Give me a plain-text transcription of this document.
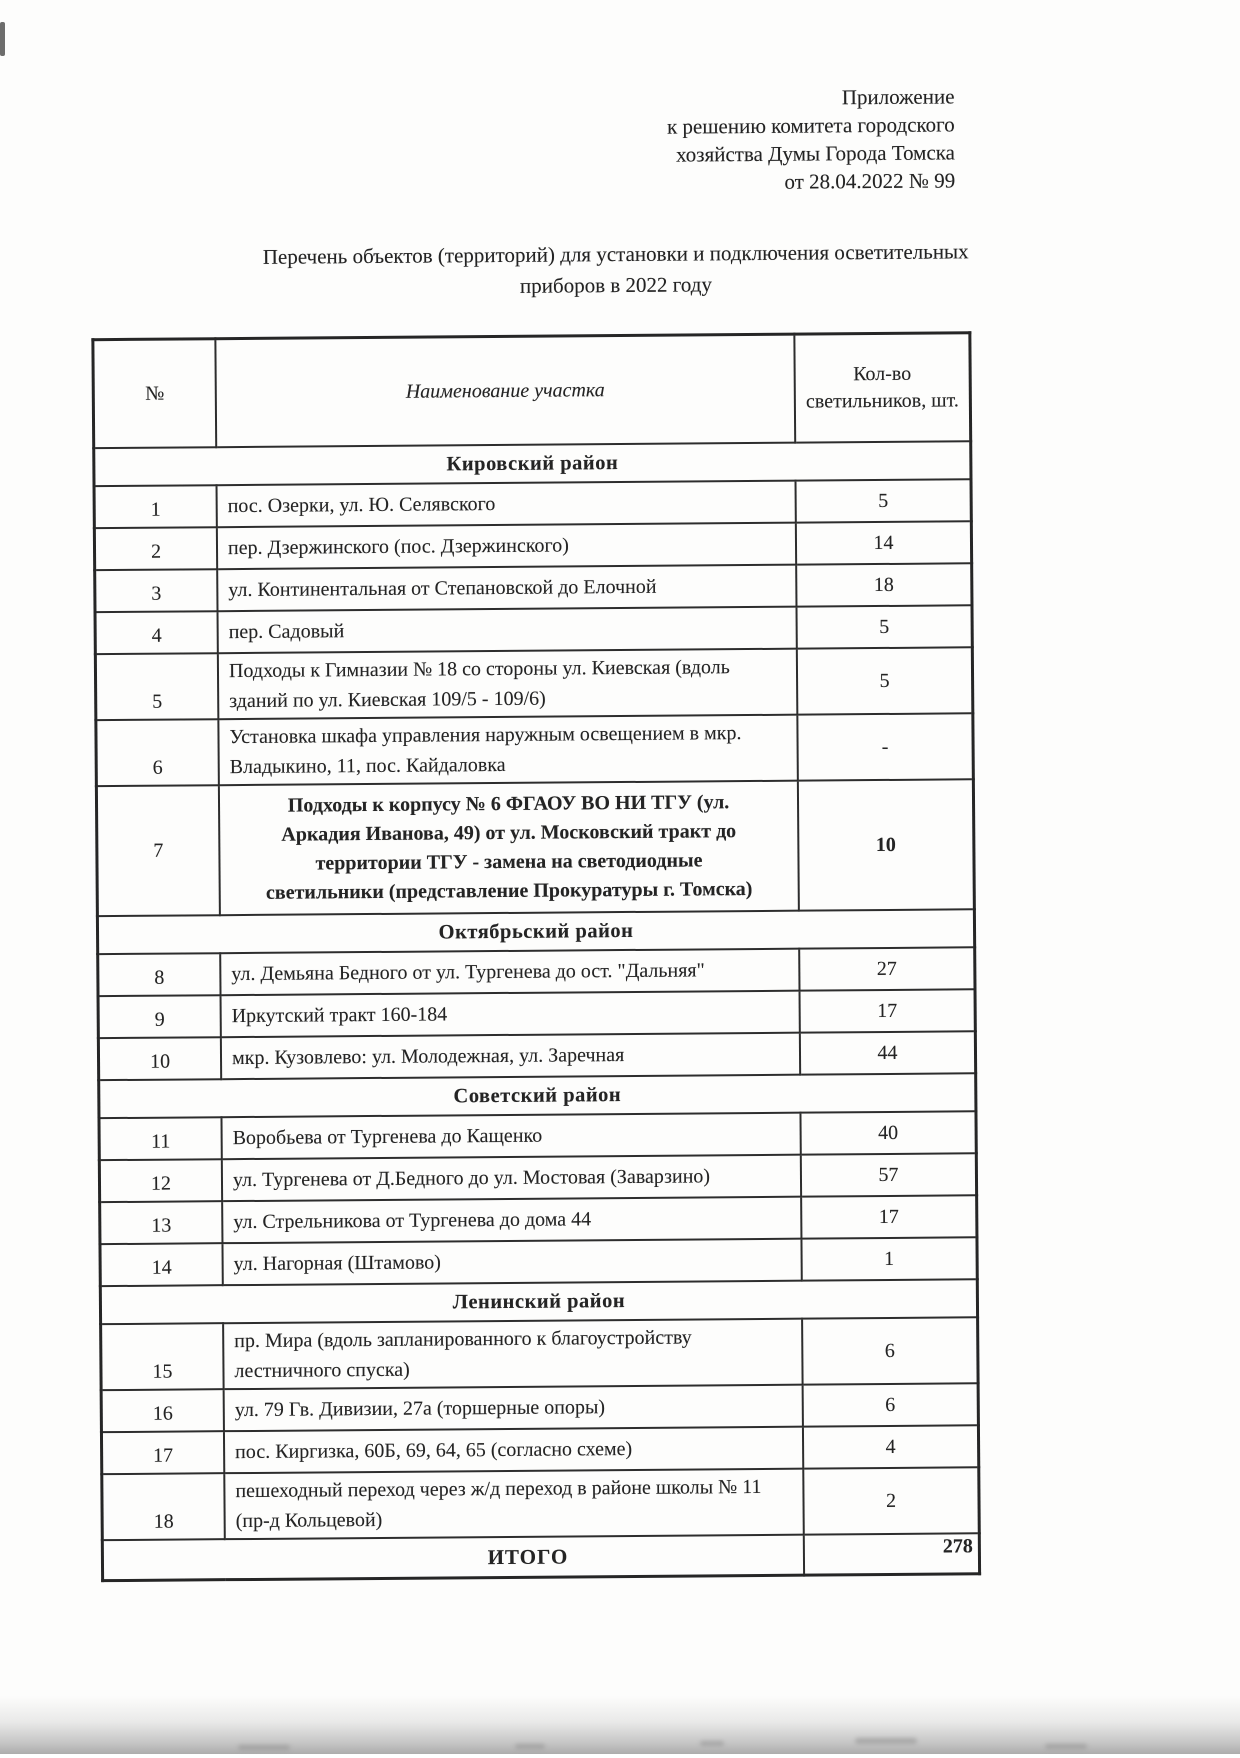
Приложение
к решению комитета городского
хозяйства Думы Города Томска
от 28.04.2022 № 99
Перечень объектов (территорий) для установки и подключения осветительных приборов в 2022 году
№	Наименование участка	Кол-во светильников, шт.
Кировский район		
1	пос. Озерки, ул. Ю. Селявского	5
2	пер. Дзержинского (пос. Дзержинского)	14
3	ул. Континентальная от Степановской до Елочной	18
4	пер. Садовый	5
5	Подходы к Гимназии № 18 со стороны ул. Киевская (вдоль зданий по ул. Киевская 109/5 - 109/6)	5
6	Установка шкафа управления наружным освещением в мкр. Владыкино, 11, пос. Кайдаловка	-
7	Подходы к корпусу № 6 ФГАОУ ВО НИ ТГУ (ул. Аркадия Иванова, 49) от ул. Московский тракт до территории ТГУ - замена на светодиодные светильники (представление Прокуратуры г. Томска)	10
Октябрьский район		
8	ул. Демьяна Бедного от ул. Тургенева до ост. "Дальняя"	27
9	Иркутский тракт 160-184	17
10	мкр. Кузовлево: ул. Молодежная, ул. Заречная	44
Советский район		
11	Воробьева от Тургенева до Кащенко	40
12	ул. Тургенева от Д.Бедного до ул. Мостовая (Заварзино)	57
13	ул. Стрельникова от Тургенева до дома 44	17
14	ул. Нагорная (Штамово)	1
Ленинский район		
15	пр. Мира (вдоль запланированного к благоустройству лестничного спуска)	6
16	ул. 79 Гв. Дивизии, 27а (торшерные опоры)	6
17	пос. Киргизка, 60Б, 69, 64, 65 (согласно схеме)	4
18	пешеходный переход через ж/д переход в районе школы № 11 (пр-д Кольцевой)	2
ИТОГО		278
